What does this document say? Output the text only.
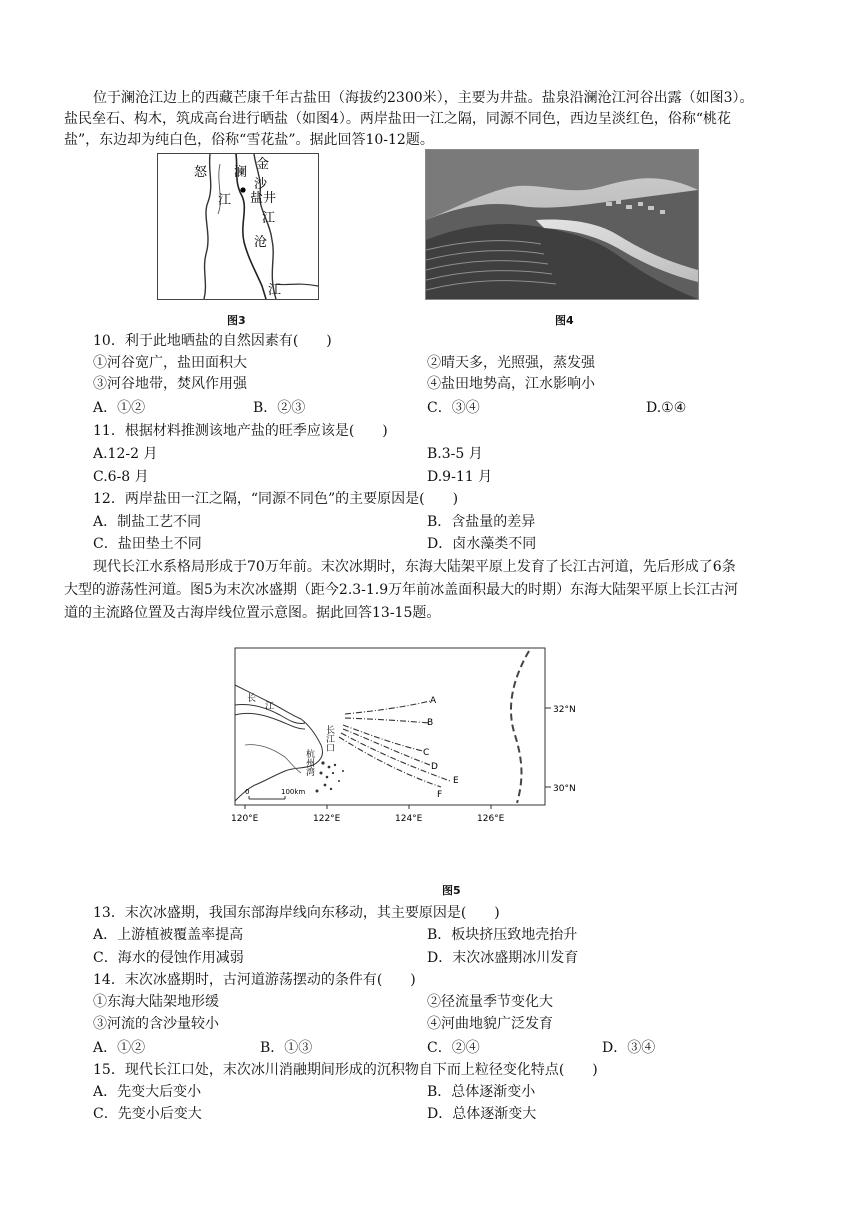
位于澜沧江边上的西藏芒康千年古盐田（海拔约2300米），主要为井盐。盐泉沿澜沧江河谷出露（如图3）。
盐民垒石、构木，筑成高台进行晒盐（如图4）。两岸盐田一江之隔，同源不同色，西边呈淡红色，俗称“桃花
盐”，东边却为纯白色，俗称“雪花盐”。据此回答10-12题。
怒
江
金
澜
沙
盐井
江
沧
江
图3	图4
10．利于此地晒盐的自然因素有(　　)
①河谷宽广，盐田面积大	②晴天多，光照强，蒸发强
③河谷地带，焚风作用强	④盐田地势高，江水影响小
A．①②	B．②③	C．③④	D.①④
11．根据材料推测该地产盐的旺季应该是(　　)
A.12-2 月	B.3-5 月
C.6-8 月	D.9-11 月
12．两岸盐田一江之隔，“同源不同色”的主要原因是(　　)
A．制盐工艺不同	B．含盐量的差异
C．盐田垫土不同	D．卤水藻类不同
现代长江水系格局形成于70万年前。末次冰期时，东海大陆架平原上发育了长江古河道，先后形成了6条
大型的游荡性河道。图5为末次冰盛期（距今2.3-1.9万年前冰盖面积最大的时期）东海大陆架平原上长江古河
道的主流路位置及古海岸线位置示意图。据此回答13-15题。
32°N
30°N
120°E	122°E	124°E	126°E
A
B
C
D
E
F
长
江
长江口
杭州湾
0	100km
图5
13．末次冰盛期，我国东部海岸线向东移动，其主要原因是(　　)
A．上游植被覆盖率提高	B．板块挤压致地壳抬升
C．海水的侵蚀作用减弱	D．末次冰盛期冰川发育
14．末次冰盛期时，古河道游荡摆动的条件有(　　)
①东海大陆架地形缓	②径流量季节变化大
③河流的含沙量较小	④河曲地貌广泛发育
A．①②	B．①③	C．②④	D．③④
15．现代长江口处，末次冰川消融期间形成的沉积物自下而上粒径变化特点(　　)
A．先变大后变小	B．总体逐渐变小
C．先变小后变大	D．总体逐渐变大
